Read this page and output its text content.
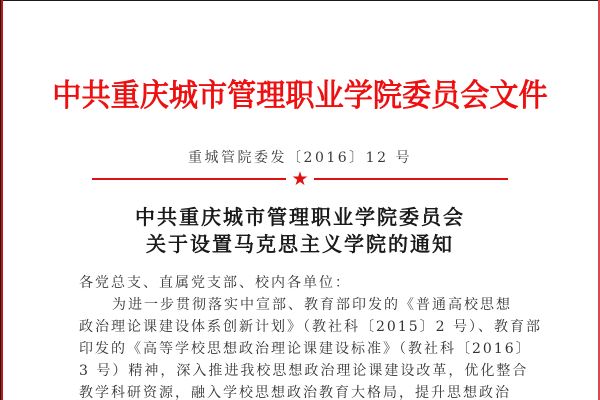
中共重庆城市管理职业学院委员会文件
重城管院委发〔2016〕12 号
★
中共重庆城市管理职业学院委员会
关于设置马克思主义学院的通知
各党总支、直属党支部、校内各单位：
为进一步贯彻落实中宣部、教育部印发的《普通高校思想
政治理论课建设体系创新计划》（教社科〔2015〕2 号）、教育部
印发的《高等学校思想政治理论课建设标准》（教社科〔2016〕
3 号）精神，深入推进我校思想政治理论课建设改革，优化整合
教学科研资源，融入学校思想政治教育大格局，提升思想政治
